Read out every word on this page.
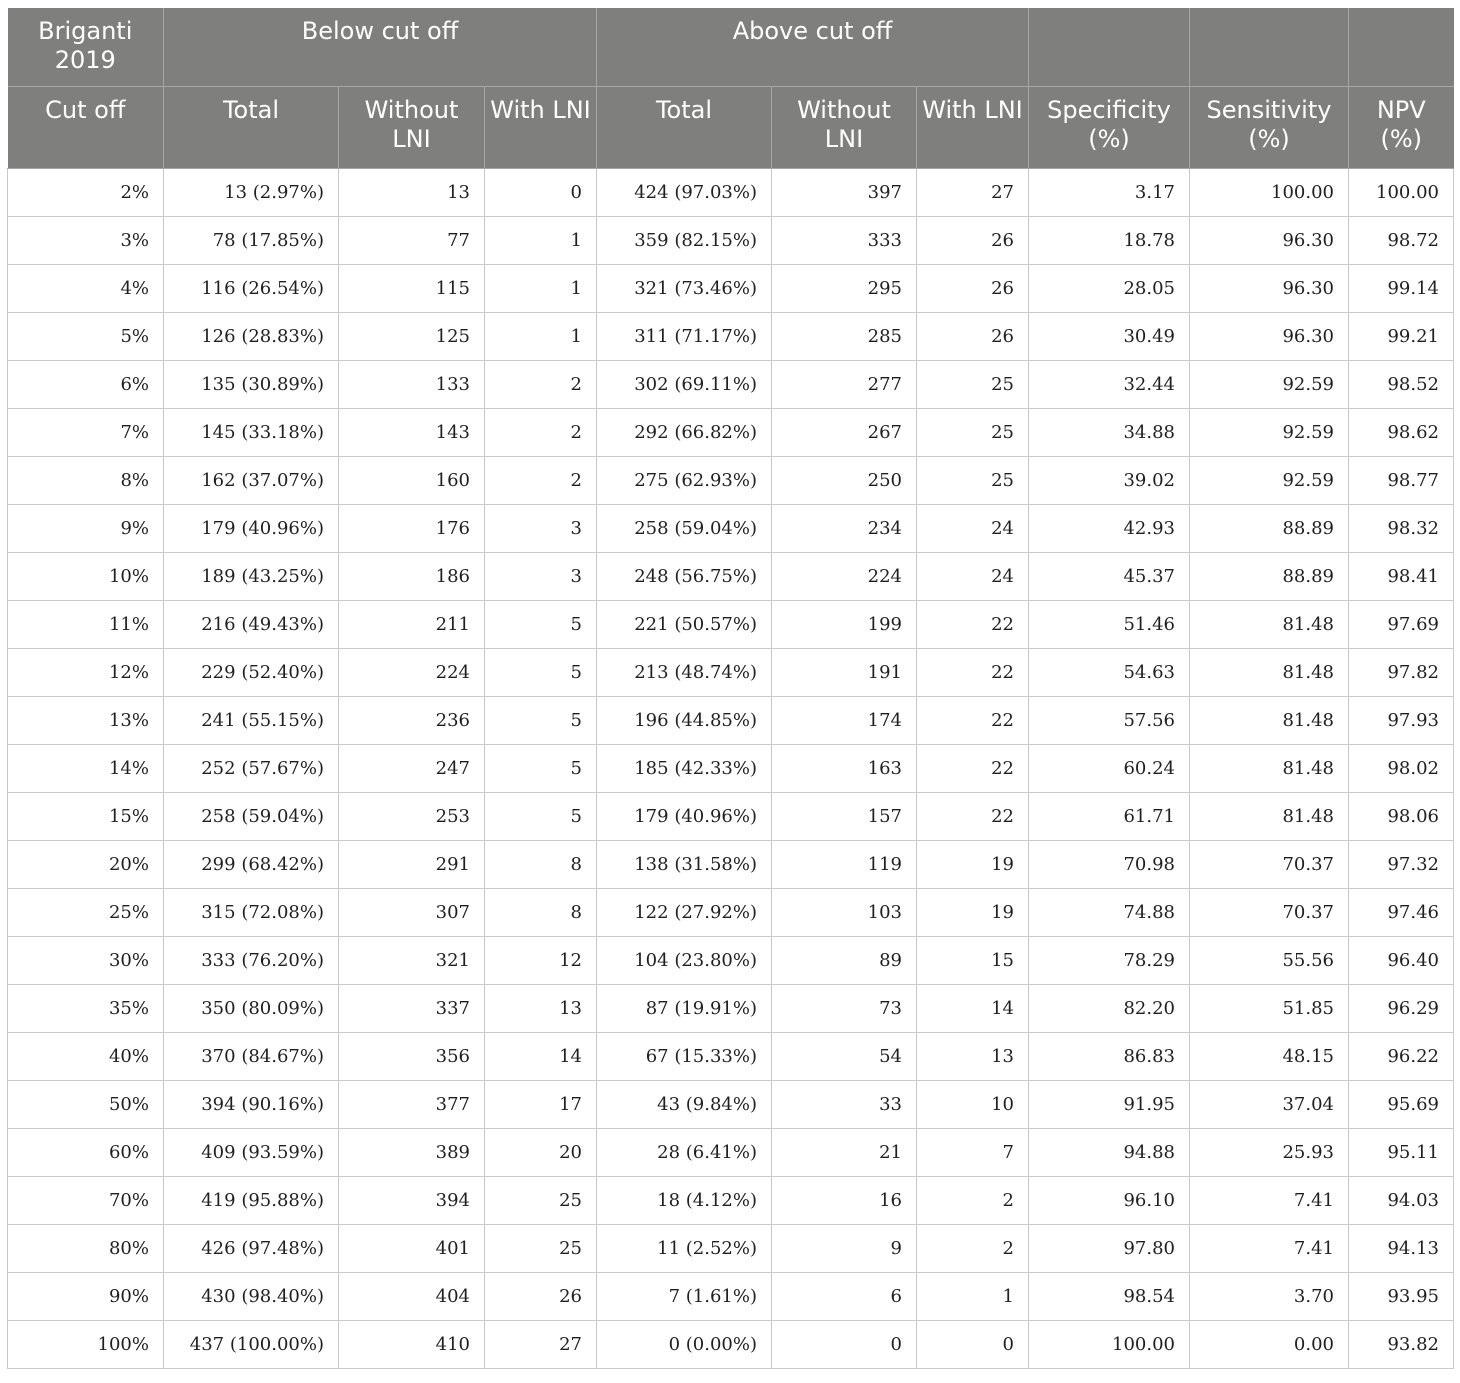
Briganti 2019	Below cut off			Above cut off					
Cut off	Total	Without LNI	With LNI	Total	Without LNI	With LNI	Specificity (%)	Sensitivity (%)	NPV (%)
2%	13 (2.97%)	13	0	424 (97.03%)	397	27	3.17	100.00	100.00
3%	78 (17.85%)	77	1	359 (82.15%)	333	26	18.78	96.30	98.72
4%	116 (26.54%)	115	1	321 (73.46%)	295	26	28.05	96.30	99.14
5%	126 (28.83%)	125	1	311 (71.17%)	285	26	30.49	96.30	99.21
6%	135 (30.89%)	133	2	302 (69.11%)	277	25	32.44	92.59	98.52
7%	145 (33.18%)	143	2	292 (66.82%)	267	25	34.88	92.59	98.62
8%	162 (37.07%)	160	2	275 (62.93%)	250	25	39.02	92.59	98.77
9%	179 (40.96%)	176	3	258 (59.04%)	234	24	42.93	88.89	98.32
10%	189 (43.25%)	186	3	248 (56.75%)	224	24	45.37	88.89	98.41
11%	216 (49.43%)	211	5	221 (50.57%)	199	22	51.46	81.48	97.69
12%	229 (52.40%)	224	5	213 (48.74%)	191	22	54.63	81.48	97.82
13%	241 (55.15%)	236	5	196 (44.85%)	174	22	57.56	81.48	97.93
14%	252 (57.67%)	247	5	185 (42.33%)	163	22	60.24	81.48	98.02
15%	258 (59.04%)	253	5	179 (40.96%)	157	22	61.71	81.48	98.06
20%	299 (68.42%)	291	8	138 (31.58%)	119	19	70.98	70.37	97.32
25%	315 (72.08%)	307	8	122 (27.92%)	103	19	74.88	70.37	97.46
30%	333 (76.20%)	321	12	104 (23.80%)	89	15	78.29	55.56	96.40
35%	350 (80.09%)	337	13	87 (19.91%)	73	14	82.20	51.85	96.29
40%	370 (84.67%)	356	14	67 (15.33%)	54	13	86.83	48.15	96.22
50%	394 (90.16%)	377	17	43 (9.84%)	33	10	91.95	37.04	95.69
60%	409 (93.59%)	389	20	28 (6.41%)	21	7	94.88	25.93	95.11
70%	419 (95.88%)	394	25	18 (4.12%)	16	2	96.10	7.41	94.03
80%	426 (97.48%)	401	25	11 (2.52%)	9	2	97.80	7.41	94.13
90%	430 (98.40%)	404	26	7 (1.61%)	6	1	98.54	3.70	93.95
100%	437 (100.00%)	410	27	0 (0.00%)	0	0	100.00	0.00	93.82
